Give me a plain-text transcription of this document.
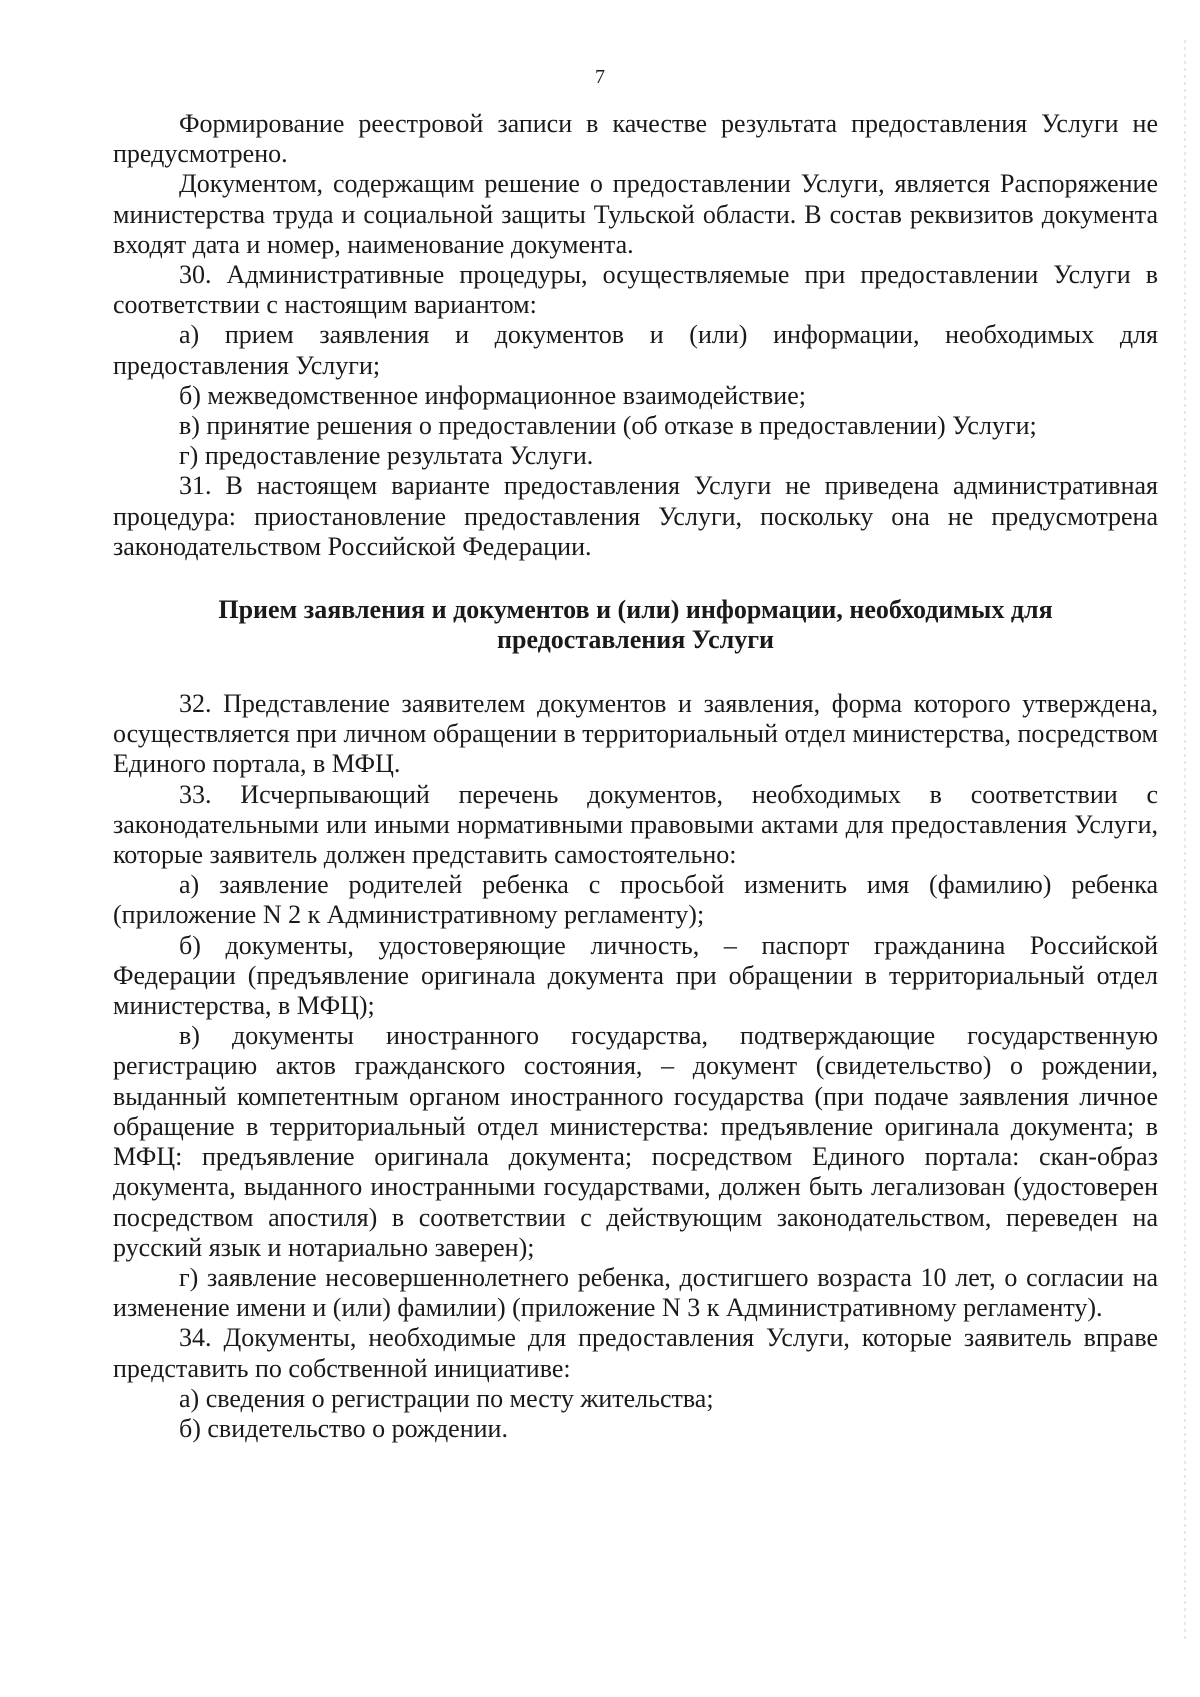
7

Формирование реестровой записи в качестве результата предоставления Услуги не предусмотрено.

Документом, содержащим решение о предоставлении Услуги, является Распоряжение министерства труда и социальной защиты Тульской области. В состав реквизитов документа входят дата и номер, наименование документа.

30. Административные процедуры, осуществляемые при предоставлении Услуги в соответствии с настоящим вариантом:

а) прием заявления и документов и (или) информации, необходимых для предоставления Услуги;

б) межведомственное информационное взаимодействие;

в) принятие решения о предоставлении (об отказе в предоставлении) Услуги;

г) предоставление результата Услуги.

31. В настоящем варианте предоставления Услуги не приведена административная процедура: приостановление предоставления Услуги, поскольку она не предусмотрена законодательством Российской Федерации.

Прием заявления и документов и (или) информации, необходимых для предоставления Услуги

32. Представление заявителем документов и заявления, форма которого утверждена, осуществляется при личном обращении в территориальный отдел министерства, посредством Единого портала, в МФЦ.

33. Исчерпывающий перечень документов, необходимых в соответствии с законодательными или иными нормативными правовыми актами для предоставления Услуги, которые заявитель должен представить самостоятельно:

а) заявление родителей ребенка с просьбой изменить имя (фамилию) ребенка (приложение N 2 к Административному регламенту);

б) документы, удостоверяющие личность, – паспорт гражданина Российской Федерации (предъявление оригинала документа при обращении в территориальный отдел министерства, в МФЦ);

в) документы иностранного государства, подтверждающие государственную регистрацию актов гражданского состояния, – документ (свидетельство) о рождении, выданный компетентным органом иностранного государства (при подаче заявления личное обращение в территориальный отдел министерства: предъявление оригинала документа; в МФЦ: предъявление оригинала документа; посредством Единого портала: скан-образ документа, выданного иностранными государствами, должен быть легализован (удостоверен посредством апостиля) в соответствии с действующим законодательством, переведен на русский язык и нотариально заверен);

г) заявление несовершеннолетнего ребенка, достигшего возраста 10 лет, о согласии на изменение имени и (или) фамилии) (приложение N 3 к Административному регламенту).

34. Документы, необходимые для предоставления Услуги, которые заявитель вправе представить по собственной инициативе:

а) сведения о регистрации по месту жительства;

б) свидетельство о рождении.
